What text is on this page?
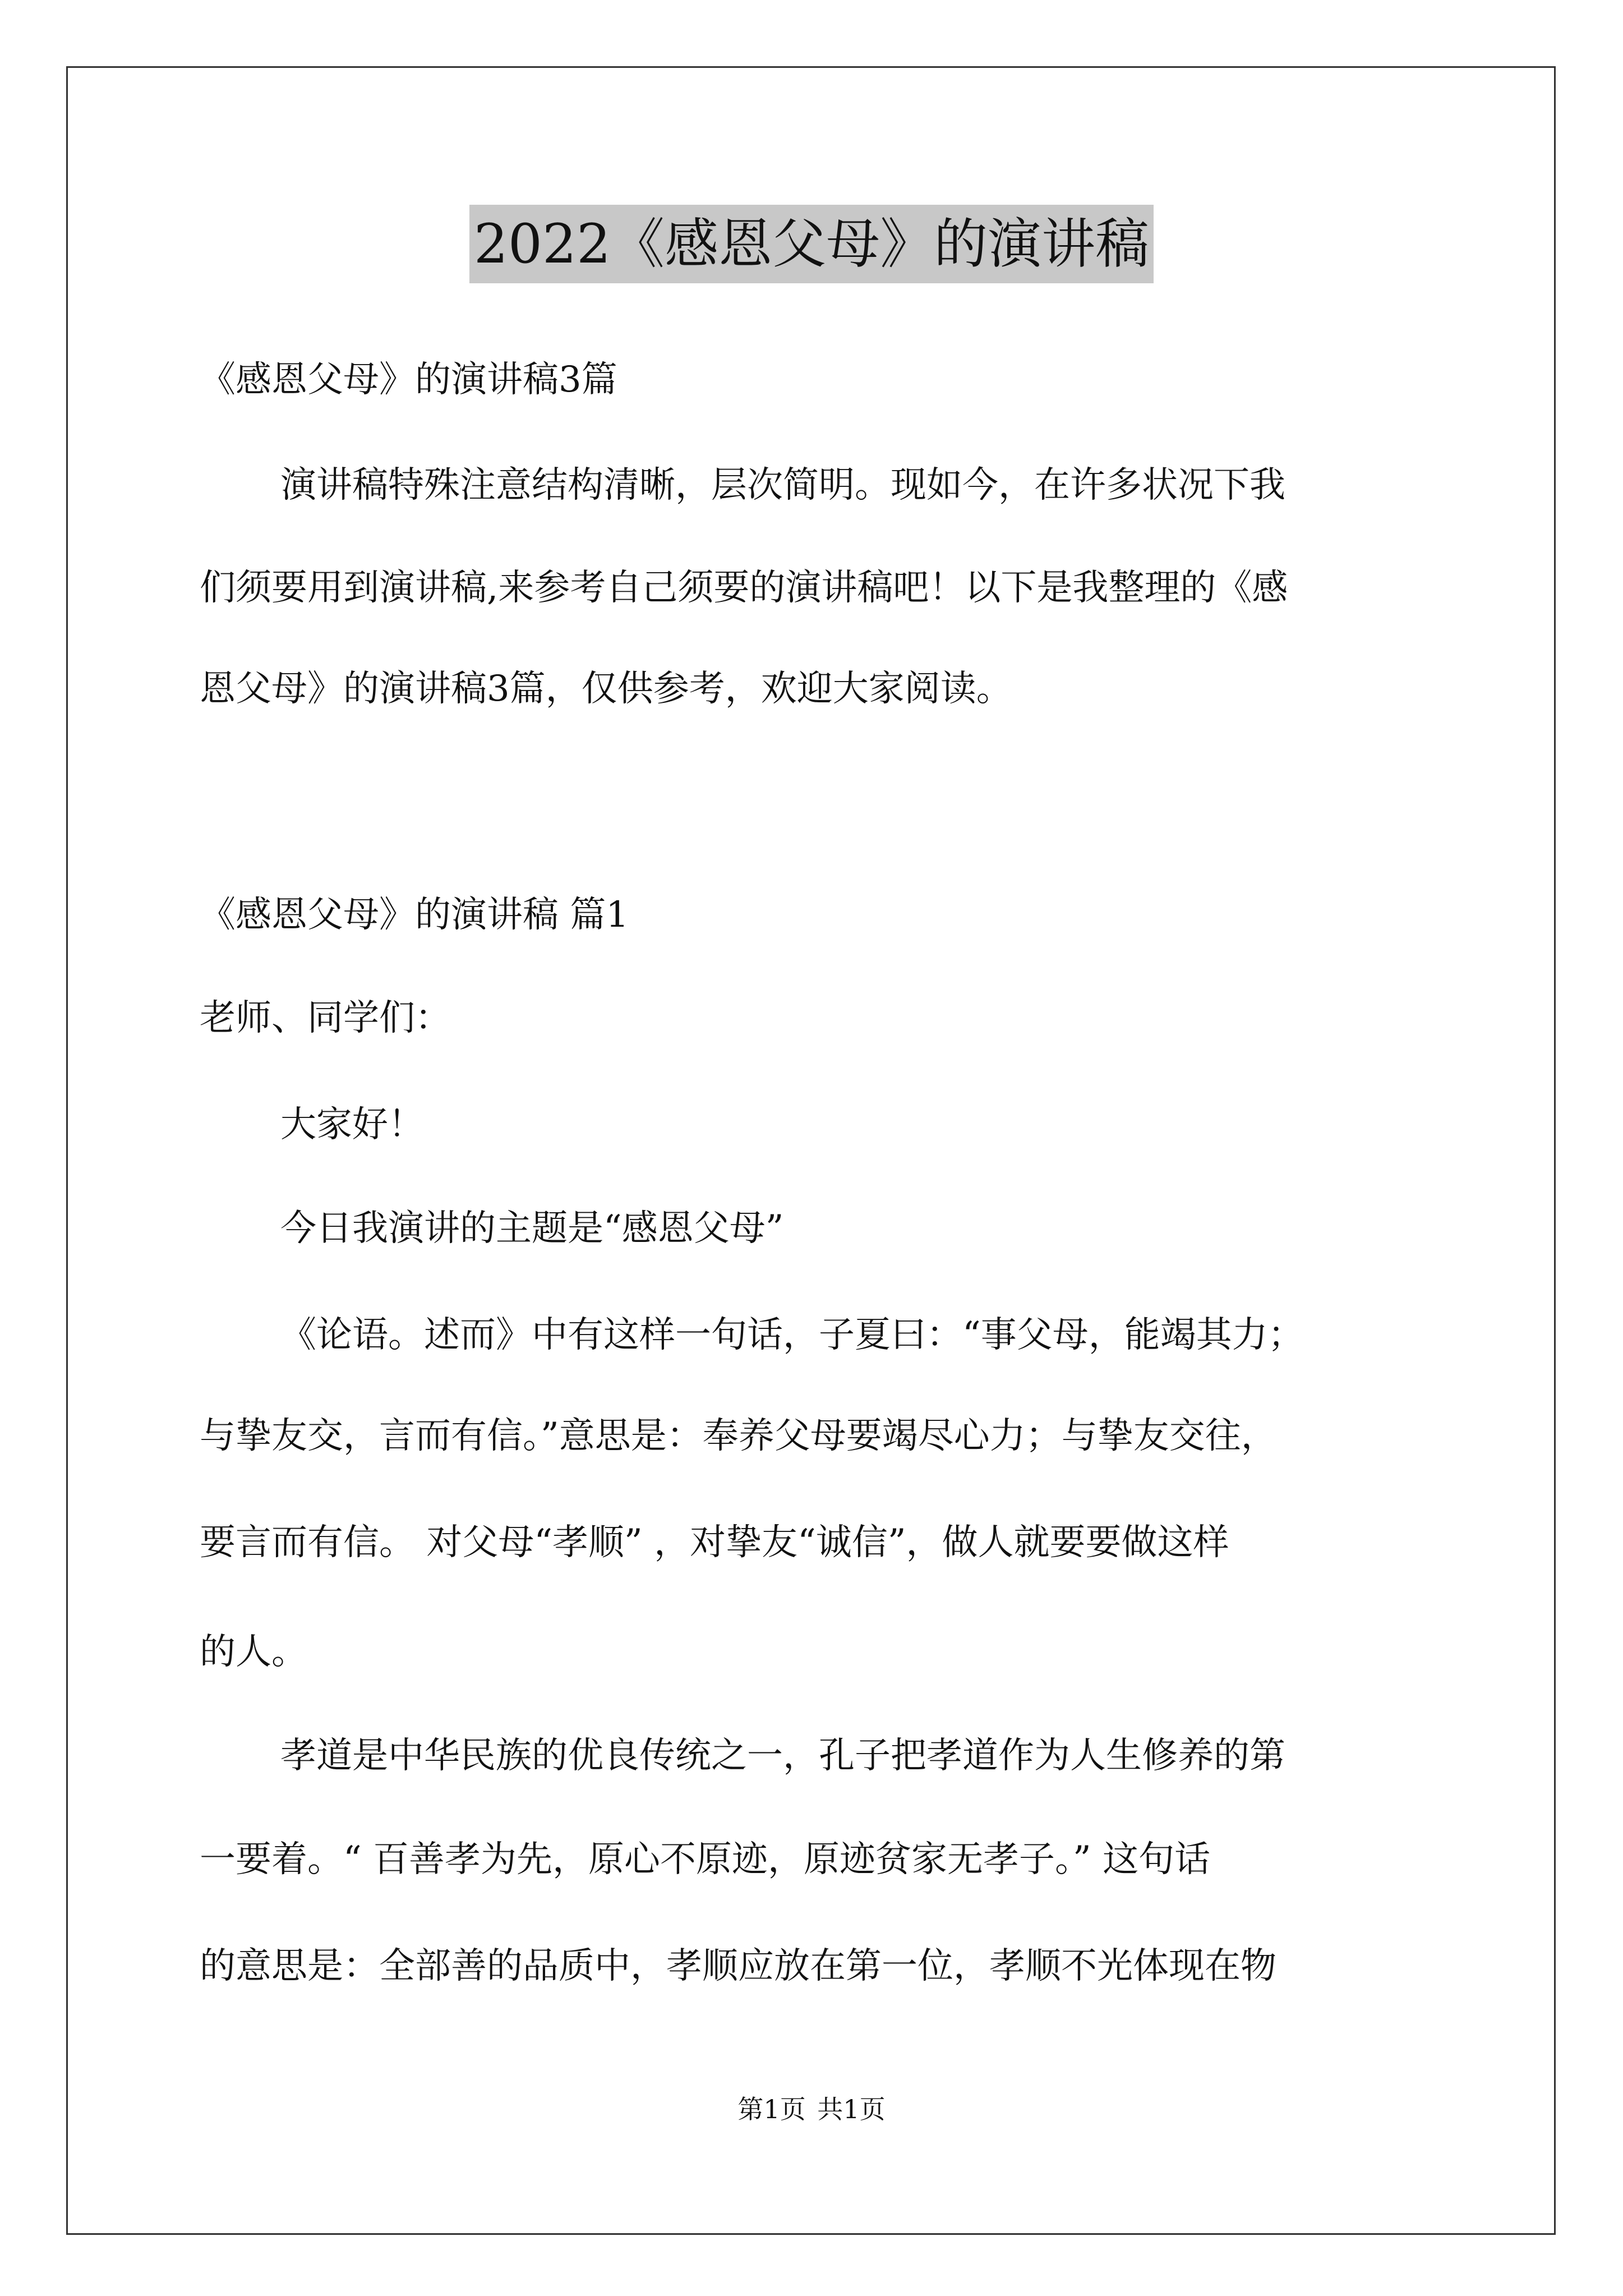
2022《感恩父母》的演讲稿
《感恩父母》的演讲稿3篇
演讲稿特殊注意结构清晰，层次简明。现如今，在许多状况下我
们须要用到演讲稿,来参考自己须要的演讲稿吧！以下是我整理的《感
恩父母》的演讲稿3篇，仅供参考，欢迎大家阅读。
《感恩父母》的演讲稿 篇1
老师、同学们：
大家好！
今日我演讲的主题是“感恩父母”
《论语。述而》中有这样一句话，子夏曰：“事父母，能竭其力；
与挚友交，言而有信。”意思是：奉养父母要竭尽心力；与挚友交往，
要言而有信。 对父母“孝顺” ，对挚友“诚信”，做人就要要做这样
的人。
孝道是中华民族的优良传统之一，孔子把孝道作为人生修养的第
一要着。“ 百善孝为先，原心不原迹，原迹贫家无孝子。” 这句话
的意思是：全部善的品质中，孝顺应放在第一位，孝顺不光体现在物
第1页 共1页
